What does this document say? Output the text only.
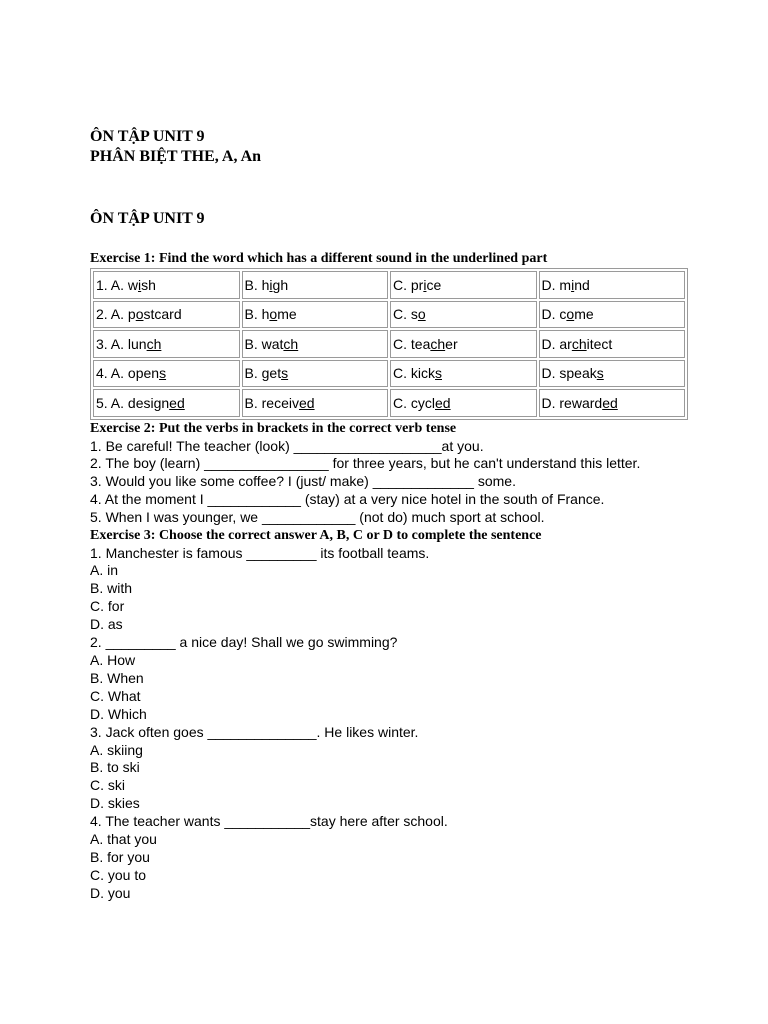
ÔN TẬP UNIT 9
PHÂN BIỆT THE, A, An
ÔN TẬP UNIT 9
Exercise 1: Find the word which has a different sound in the underlined part
1. A. wish	B. high	C. price	D. mind
2. A. postcard	B. home	C. so	D. come
3. A. lunch	B. watch	C. teacher	D. architect
4. A. opens	B. gets	C. kicks	D. speaks
5. A. designed	B. received	C. cycled	D. rewarded
Exercise 2: Put the verbs in brackets in the correct verb tense
1. Be careful! The teacher (look) ___________________at you.
2. The boy (learn) ________________ for three years, but he can't understand this letter.
3. Would you like some coffee? I (just/ make) _____________ some.
4. At the moment I ____________ (stay) at a very nice hotel in the south of France.
5. When I was younger, we ____________ (not do) much sport at school.
Exercise 3: Choose the correct answer A, B, C or D to complete the sentence
1. Manchester is famous _________ its football teams.
A. in
B. with
C. for
D. as
2. _________ a nice day! Shall we go swimming?
A. How
B. When
C. What
D. Which
3. Jack often goes ______________. He likes winter.
A. skiing
B. to ski
C. ski
D. skies
4. The teacher wants ___________stay here after school.
A. that you
B. for you
C. you to
D. you
